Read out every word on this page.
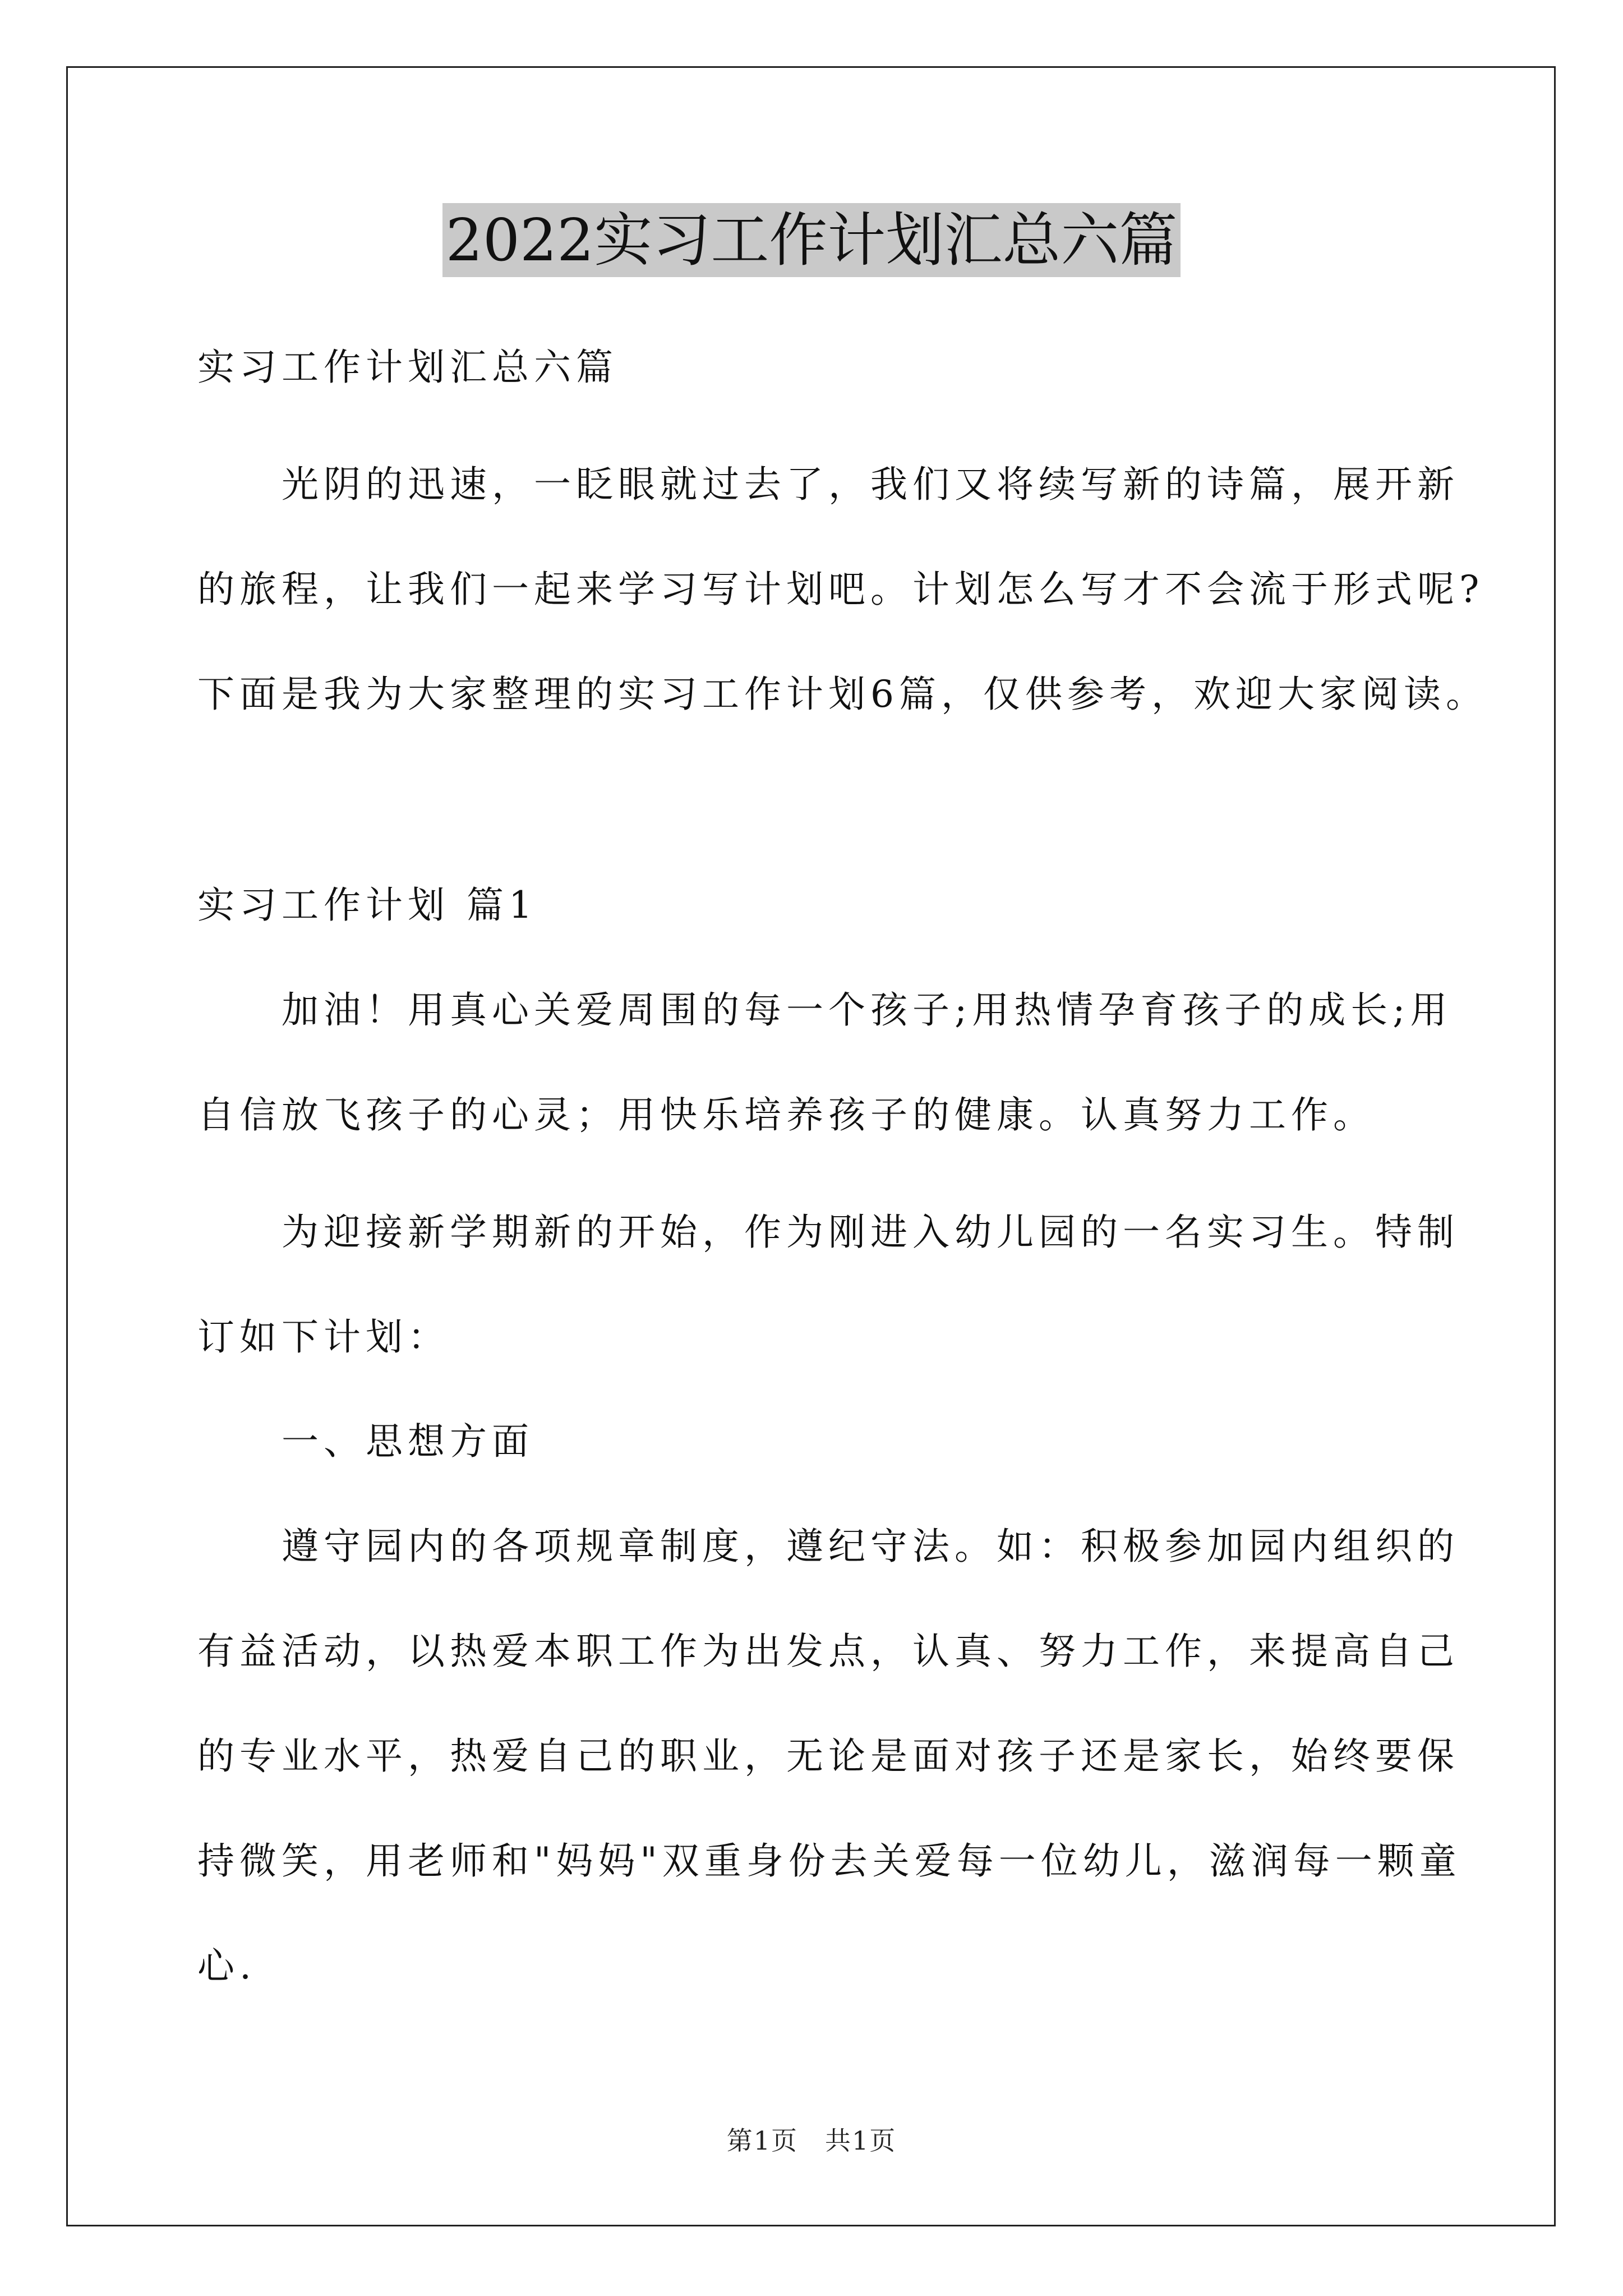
2022实习工作计划汇总六篇
实习工作计划汇总六篇
　　光阴的迅速，一眨眼就过去了，我们又将续写新的诗篇，展开新
的旅程，让我们一起来学习写计划吧。计划怎么写才不会流于形式呢?
下面是我为大家整理的实习工作计划6篇，仅供参考，欢迎大家阅读。
实习工作计划 篇1
　　加油！用真心关爱周围的每一个孩子;用热情孕育孩子的成长;用
自信放飞孩子的心灵；用快乐培养孩子的健康。认真努力工作。
　　为迎接新学期新的开始，作为刚进入幼儿园的一名实习生。特制
订如下计划：
　　一、思想方面
　　遵守园内的各项规章制度，遵纪守法。如：积极参加园内组织的
有益活动，以热爱本职工作为出发点，认真、努力工作，来提高自己
的专业水平，热爱自己的职业，无论是面对孩子还是家长，始终要保
持微笑，用老师和"妈妈"双重身份去关爱每一位幼儿，滋润每一颗童
心.
第1页　共1页
